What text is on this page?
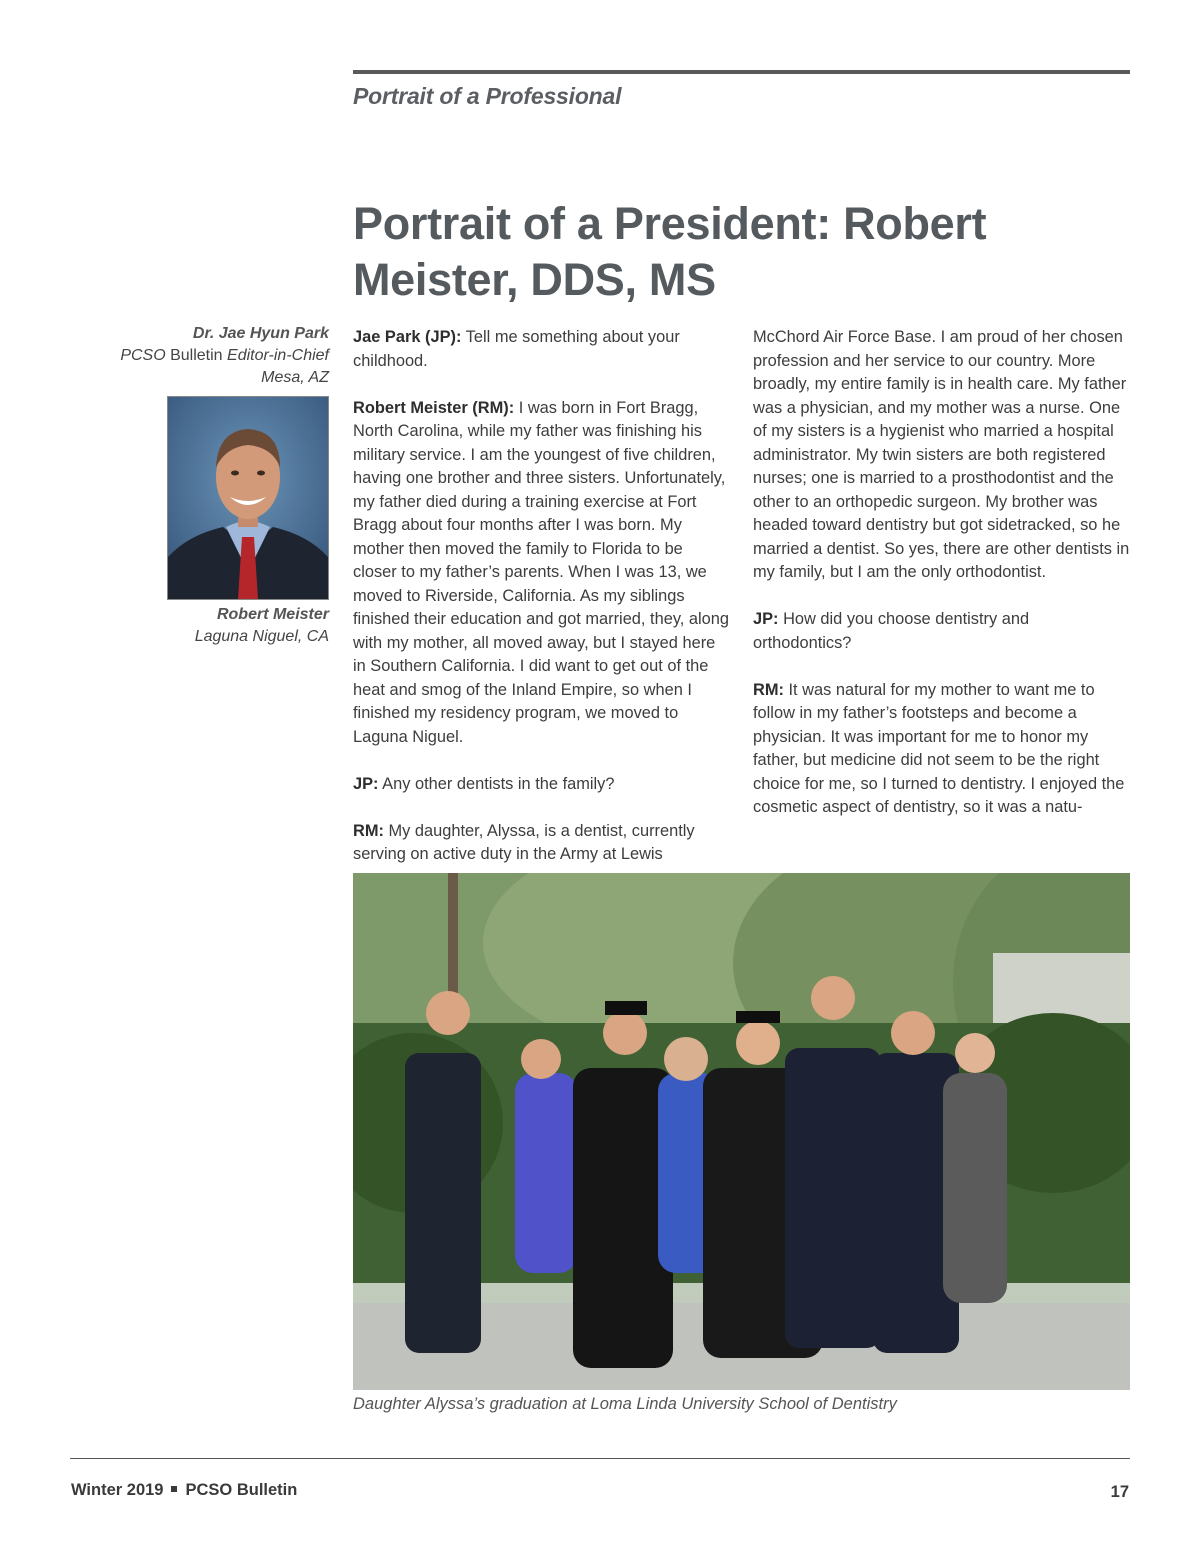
Portrait of a Professional
Portrait of a President: Robert Meister, DDS, MS
Dr. Jae Hyun Park
PCSO Bulletin Editor-in-Chief
Mesa, AZ
Robert Meister
Laguna Niguel, CA

Jae Park (JP): Tell me something about your childhood.

Robert Meister (RM): I was born in Fort Bragg, North Carolina, while my father was finishing his military service. I am the youngest of five children, having one brother and three sisters. Unfortunately, my father died during a training exercise at Fort Bragg about four months after I was born. My mother then moved the family to Florida to be closer to my father’s parents. When I was 13, we moved to Riverside, California. As my siblings finished their education and got married, they, along with my mother, all moved away, but I stayed here in Southern California. I did want to get out of the heat and smog of the Inland Empire, so when I finished my residency program, we moved to Laguna Niguel.

JP: Any other dentists in the family?

RM: My daughter, Alyssa, is a dentist, currently serving on active duty in the Army at Lewis

McChord Air Force Base. I am proud of her chosen profession and her service to our country. More broadly, my entire family is in health care. My father was a physician, and my mother was a nurse. One of my sisters is a hygienist who married a hospital administrator. My twin sisters are both registered nurses; one is married to a prosthodontist and the other to an orthopedic surgeon. My brother was headed toward dentistry but got sidetracked, so he married a dentist. So yes, there are other dentists in my family, but I am the only orthodontist.

JP: How did you choose dentistry and orthodontics?

RM: It was natural for my mother to want me to follow in my father’s footsteps and become a physician. It was important for me to honor my father, but medicine did not seem to be the right choice for me, so I turned to dentistry. I enjoyed the cosmetic aspect of dentistry, so it was a natu-

Daughter Alyssa’s graduation at Loma Linda University School of Dentistry
Winter 2019 PCSO Bulletin	17
